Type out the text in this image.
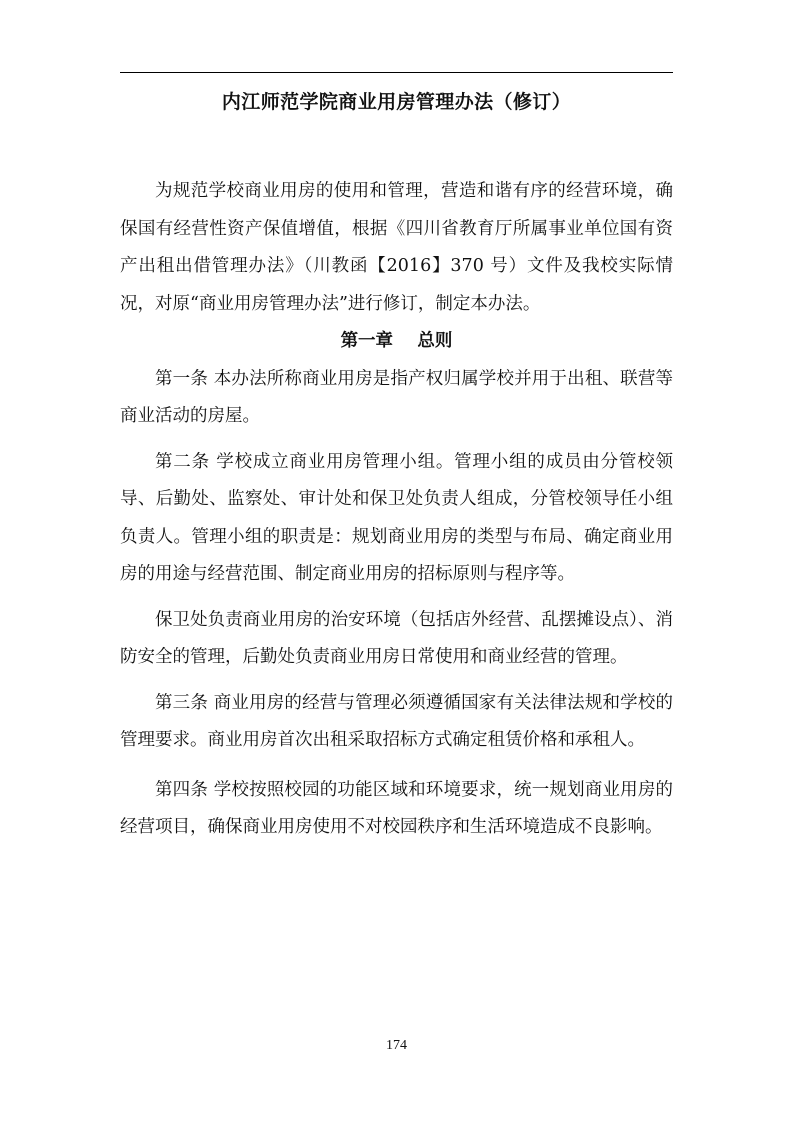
内江师范学院商业用房管理办法（修订）

为规范学校商业用房的使用和管理，营造和谐有序的经营环境，确保国有经营性资产保值增值，根据《四川省教育厅所属事业单位国有资产出租出借管理办法》（川教函【2016】370 号）文件及我校实际情况，对原“商业用房管理办法”进行修订，制定本办法。

第一章    总则

第一条 本办法所称商业用房是指产权归属学校并用于出租、联营等商业活动的房屋。

第二条 学校成立商业用房管理小组。管理小组的成员由分管校领导、后勤处、监察处、审计处和保卫处负责人组成，分管校领导任小组负责人。管理小组的职责是：规划商业用房的类型与布局、确定商业用房的用途与经营范围、制定商业用房的招标原则与程序等。

保卫处负责商业用房的治安环境（包括店外经营、乱摆摊设点）、消防安全的管理，后勤处负责商业用房日常使用和商业经营的管理。

第三条 商业用房的经营与管理必须遵循国家有关法律法规和学校的管理要求。商业用房首次出租采取招标方式确定租赁价格和承租人。

第四条 学校按照校园的功能区域和环境要求，统一规划商业用房的经营项目，确保商业用房使用不对校园秩序和生活环境造成不良影响。

174
